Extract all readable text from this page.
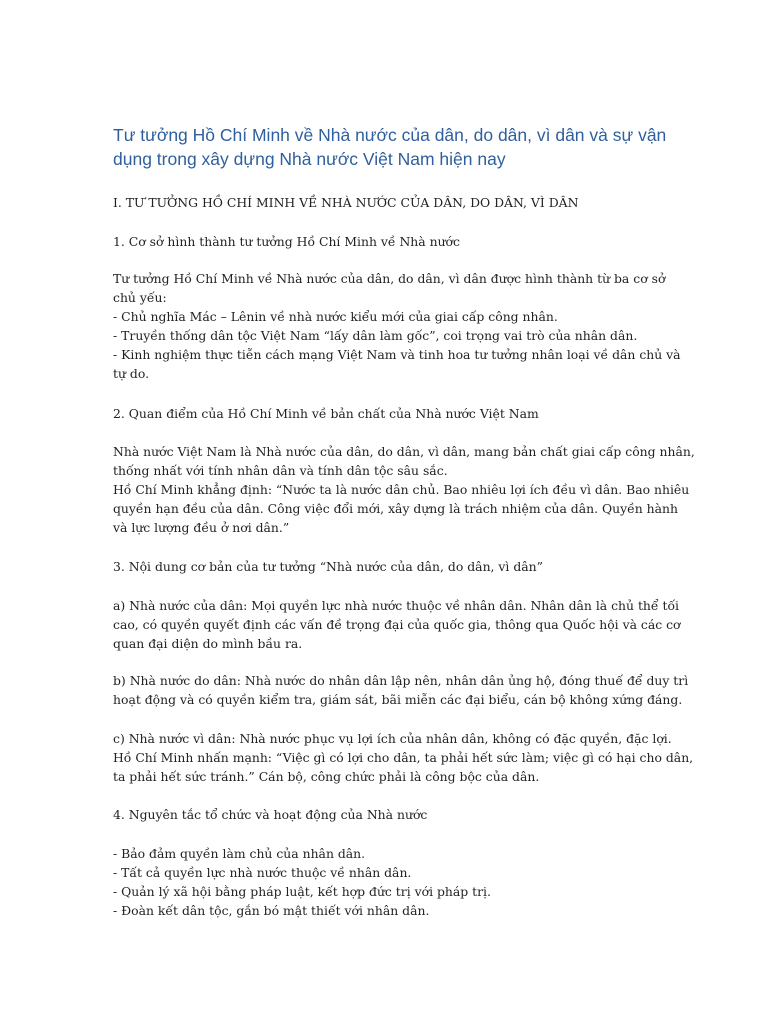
Tư tưởng Hồ Chí Minh về Nhà nước của dân, do dân, vì dân và sự vận
dụng trong xây dựng Nhà nước Việt Nam hiện nay
I. TƯ TƯỞNG HỒ CHÍ MINH VỀ NHÀ NƯỚC CỦA DÂN, DO DÂN, VÌ DÂN
1. Cơ sở hình thành tư tưởng Hồ Chí Minh về Nhà nước
Tư tưởng Hồ Chí Minh về Nhà nước của dân, do dân, vì dân được hình thành từ ba cơ sở
chủ yếu:
- Chủ nghĩa Mác – Lênin về nhà nước kiểu mới của giai cấp công nhân.
- Truyền thống dân tộc Việt Nam “lấy dân làm gốc”, coi trọng vai trò của nhân dân.
- Kinh nghiệm thực tiễn cách mạng Việt Nam và tinh hoa tư tưởng nhân loại về dân chủ và
tự do.
2. Quan điểm của Hồ Chí Minh về bản chất của Nhà nước Việt Nam
Nhà nước Việt Nam là Nhà nước của dân, do dân, vì dân, mang bản chất giai cấp công nhân,
thống nhất với tính nhân dân và tính dân tộc sâu sắc.
Hồ Chí Minh khẳng định: “Nước ta là nước dân chủ. Bao nhiêu lợi ích đều vì dân. Bao nhiêu
quyền hạn đều của dân. Công việc đổi mới, xây dựng là trách nhiệm của dân. Quyền hành
và lực lượng đều ở nơi dân.”
3. Nội dung cơ bản của tư tưởng “Nhà nước của dân, do dân, vì dân”
a) Nhà nước của dân: Mọi quyền lực nhà nước thuộc về nhân dân. Nhân dân là chủ thể tối
cao, có quyền quyết định các vấn đề trọng đại của quốc gia, thông qua Quốc hội và các cơ
quan đại diện do mình bầu ra.
b) Nhà nước do dân: Nhà nước do nhân dân lập nên, nhân dân ủng hộ, đóng thuế để duy trì
hoạt động và có quyền kiểm tra, giám sát, bãi miễn các đại biểu, cán bộ không xứng đáng.
c) Nhà nước vì dân: Nhà nước phục vụ lợi ích của nhân dân, không có đặc quyền, đặc lợi.
Hồ Chí Minh nhấn mạnh: “Việc gì có lợi cho dân, ta phải hết sức làm; việc gì có hại cho dân,
ta phải hết sức tránh.” Cán bộ, công chức phải là công bộc của dân.
4. Nguyên tắc tổ chức và hoạt động của Nhà nước
- Bảo đảm quyền làm chủ của nhân dân.
- Tất cả quyền lực nhà nước thuộc về nhân dân.
- Quản lý xã hội bằng pháp luật, kết hợp đức trị với pháp trị.
- Đoàn kết dân tộc, gắn bó mật thiết với nhân dân.
